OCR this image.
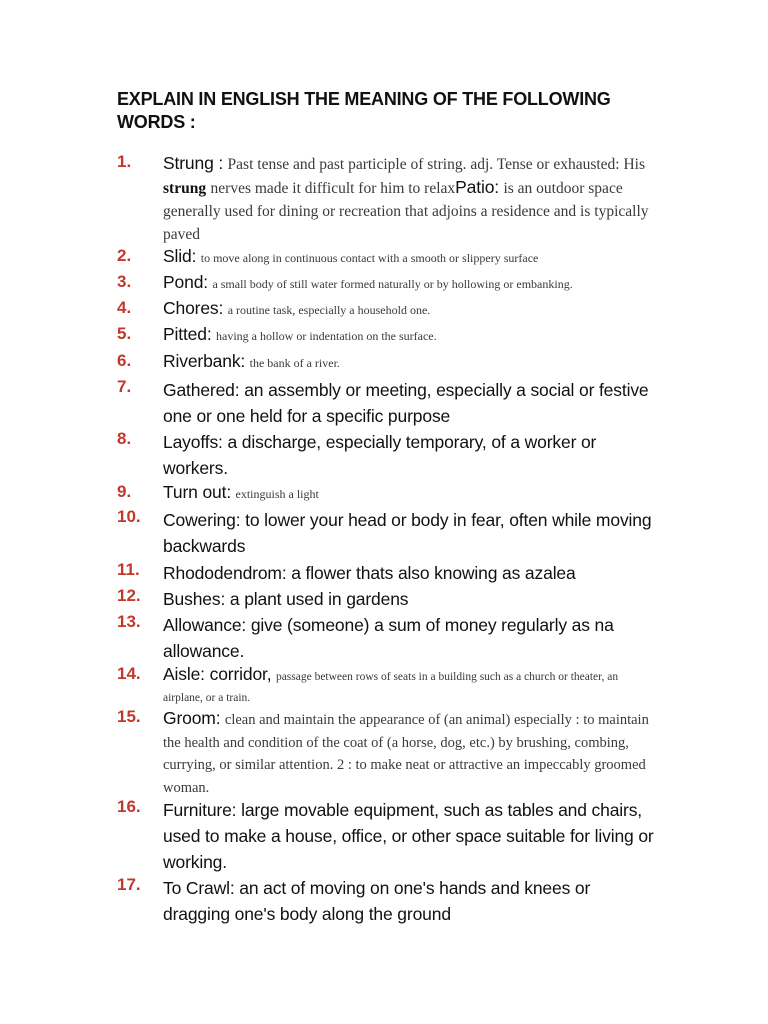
EXPLAIN IN ENGLISH THE MEANING OF THE FOLLOWING WORDS :
1.	Strung : Past tense and past participle of string. adj. Tense or exhausted: His strung nerves made it difficult for him to relaxPatio: is an outdoor space generally used for dining or recreation that adjoins a residence and is typically paved
2.	Slid: to move along in continuous contact with a smooth or slippery surface
3.	Pond: a small body of still water formed naturally or by hollowing or embanking.
4.	Chores: a routine task, especially a household one.
5.	Pitted: having a hollow or indentation on the surface.
6.	Riverbank: the bank of a river.
7.	Gathered: an assembly or meeting, especially a social or festive one or one held for a specific purpose
8.	Layoffs: a discharge, especially temporary, of a worker or workers.
9.	Turn out: extinguish a light
10.	Cowering: to lower your head or body in fear, often while moving backwards
11.	Rhododendrom: a flower thats also knowing as azalea
12.	Bushes: a plant used in gardens
13.	Allowance: give (someone) a sum of money regularly as na allowance.
14.	Aisle: corridor, passage between rows of seats in a building such as a church or theater, an airplane, or a train.
15.	Groom: clean and maintain the appearance of (an animal) especially : to maintain the health and condition of the coat of (a horse, dog, etc.) by brushing, combing, currying, or similar attention. 2 : to make neat or attractive an impeccably groomed woman.
16.	Furniture: large movable equipment, such as tables and chairs, used to make a house, office, or other space suitable for living or working.
17.	To Crawl: an act of moving on one's hands and knees or dragging one's body along the ground
